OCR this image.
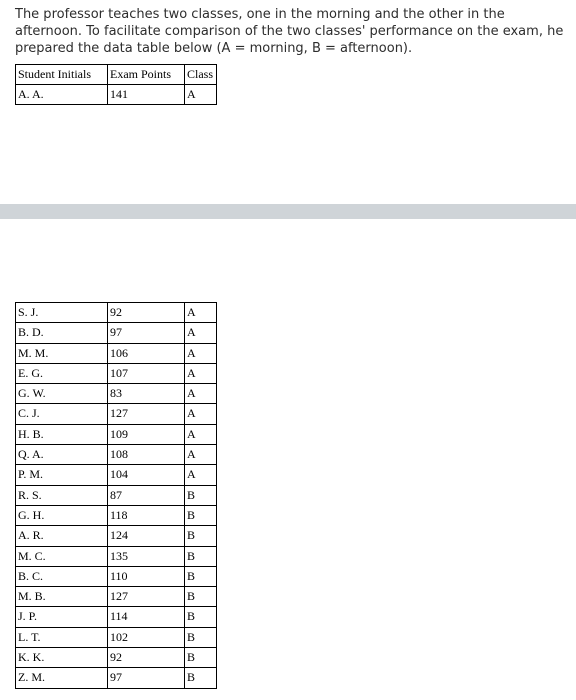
The professor teaches two classes, one in the morning and the other in the afternoon. To facilitate comparison of the two classes' performance on the exam, he prepared the data table below (A = morning, B = afternoon).

Student Initials	Exam Points	Class
A. A.	141	A
S. J.	92	A
B. D.	97	A
M. M.	106	A
E. G.	107	A
G. W.	83	A
C. J.	127	A
H. B.	109	A
Q. A.	108	A
P. M.	104	A
R. S.	87	B
G. H.	118	B
A. R.	124	B
M. C.	135	B
B. C.	110	B
M. B.	127	B
J. P.	114	B
L. T.	102	B
K. K.	92	B
Z. M.	97	B
